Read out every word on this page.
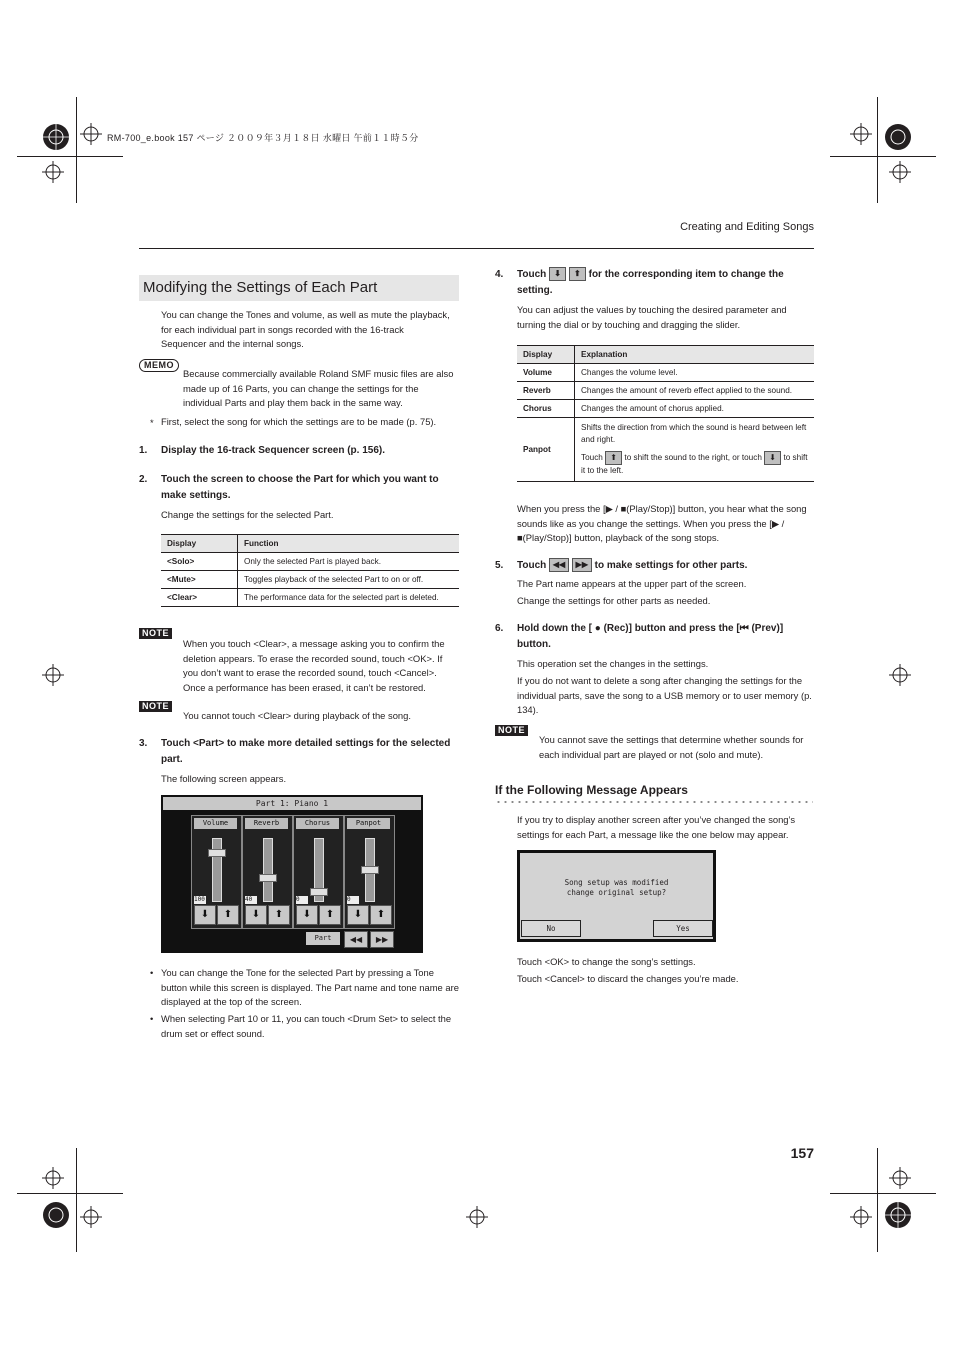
RM-700_e.book 157 ページ ２００９年３月１８日 水曜日 午前１１時５分
Creating and Editing Songs
Modifying the Settings of Each Part
You can change the Tones and volume, as well as mute the playback, for each individual part in songs recorded with the 16-track Sequencer and the internal songs.
MEMO
Because commercially available Roland SMF music files are also made up of 16 Parts, you can change the settings for the individual Parts and play them back in the same way.
* First, select the song for which the settings are to be made (p. 75).
1. Display the 16-track Sequencer screen (p. 156).
2. Touch the screen to choose the Part for which you want to make settings.
Change the settings for the selected Part.
Display	Function
<Solo>	Only the selected Part is played back.
<Mute>	Toggles playback of the selected Part to on or off.
<Clear>	The performance data for the selected part is deleted.
NOTE
When you touch <Clear>, a message asking you to confirm the deletion appears. To erase the recorded sound, touch <OK>. If you don’t want to erase the recorded sound, touch <Cancel>. Once a performance has been erased, it can’t be restored.
NOTE
You cannot touch <Clear> during playback of the song.
3. Touch <Part> to make more detailed settings for the selected part.
The following screen appears.
Part 1: Piano 1
Volume
100
⬇	⬆
Reverb
40
⬇	⬆
Chorus
0
⬇	⬆
Panpot
0
⬇	⬆
Part	◀◀	▶▶
• You can change the Tone for the selected Part by pressing a Tone button while this screen is displayed. The Part name and tone name are displayed at the top of the screen.
• When selecting Part 10 or 11, you can touch <Drum Set> to select the drum set or effect sound.
4. Touch ⬇ ⬆ for the corresponding item to change the setting.
You can adjust the values by touching the desired parameter and turning the dial or by touching and dragging the slider.
Display	Explanation
Volume	Changes the volume level.
Reverb	Changes the amount of reverb effect applied to the sound.
Chorus	Changes the amount of chorus applied.
Panpot	Shifts the direction from which the sound is heard between left and right.
Touch ⬆ to shift the sound to the right, or touch ⬇ to shift it to the left.
When you press the [▶ / ■(Play/Stop)] button, you hear what the song sounds like as you change the settings. When you press the [▶ / ■(Play/Stop)] button, playback of the song stops.
5. Touch ◀◀ ▶▶ to make settings for other parts.
The Part name appears at the upper part of the screen.
Change the settings for other parts as needed.
6. Hold down the [ ● (Rec)] button and press the [⏮ (Prev)] button.
This operation set the changes in the settings.
If you do not want to delete a song after changing the settings for the individual parts, save the song to a USB memory or to user memory (p. 134).
NOTE
You cannot save the settings that determine whether sounds for each individual part are played or not (solo and mute).
If the Following Message Appears
If you try to display another screen after you’ve changed the song’s settings for each Part, a message like the one below may appear.
Song setup was modified
change original setup?
No	Yes
Touch <OK> to change the song’s settings.
Touch <Cancel> to discard the changes you’re made.
157
